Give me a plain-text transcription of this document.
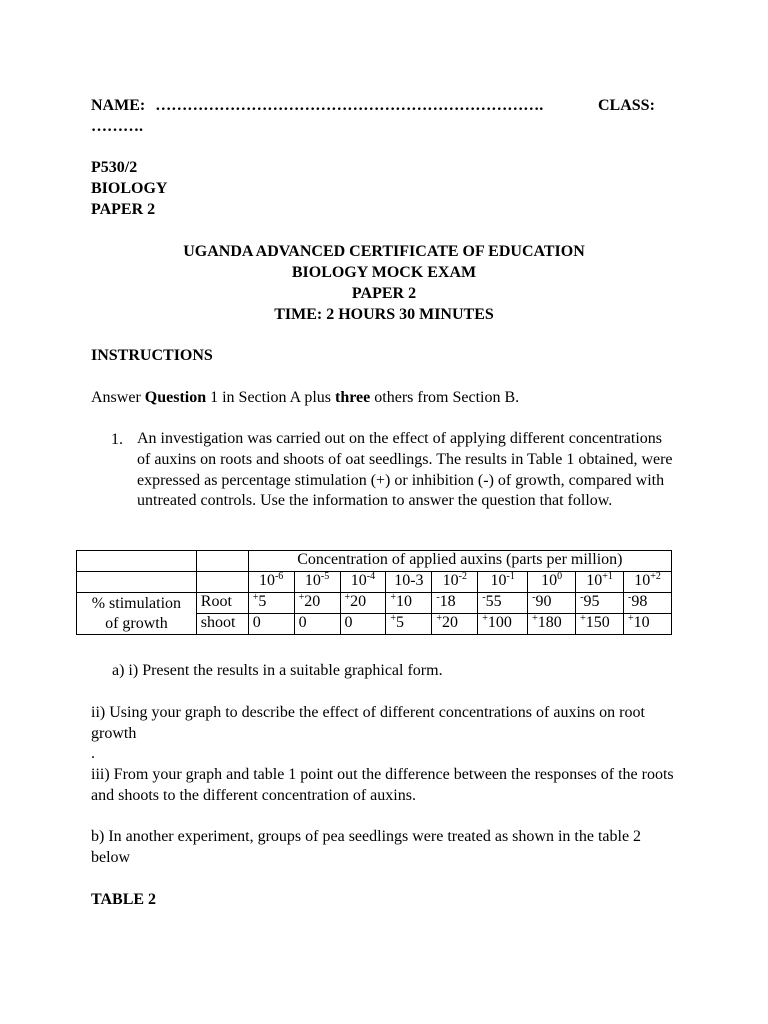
NAME: ……………………………………………………………….	CLASS:
……….
P530/2
BIOLOGY
PAPER 2
UGANDA ADVANCED CERTIFICATE OF EDUCATION
BIOLOGY MOCK EXAM
PAPER 2
TIME: 2 HOURS 30 MINUTES
INSTRUCTIONS
Answer Question 1 in Section A plus three others from Section B.
1. An investigation was carried out on the effect of applying different concentrations of auxins on roots and shoots of oat seedlings. The results in Table 1 obtained, were expressed as percentage stimulation (+) or inhibition (-) of growth, compared with untreated controls. Use the information to answer the question that follow.
		Concentration of applied auxins (parts per million)								
		$10^{-6}$	$10^{-5}$	$10^{-4}$	10-3	$10^{-2}$	$10^{-1}$	$10^0$	$10^{+1}$	$10^{+2}$
% stimulation
of growth	Root	+5	+20	+20	+10	-18	-55	-90	-95	-98
	shoot	0	0	0	+5	+20	+100	+180	+150	+10
a) i) Present the results in a suitable graphical form.
ii) Using your graph to describe the effect of different concentrations of auxins on root growth
.
iii) From your graph and table 1 point out the difference between the responses of the roots and shoots to the different concentration of auxins.
b) In another experiment, groups of pea seedlings were treated as shown in the table 2 below
TABLE 2
